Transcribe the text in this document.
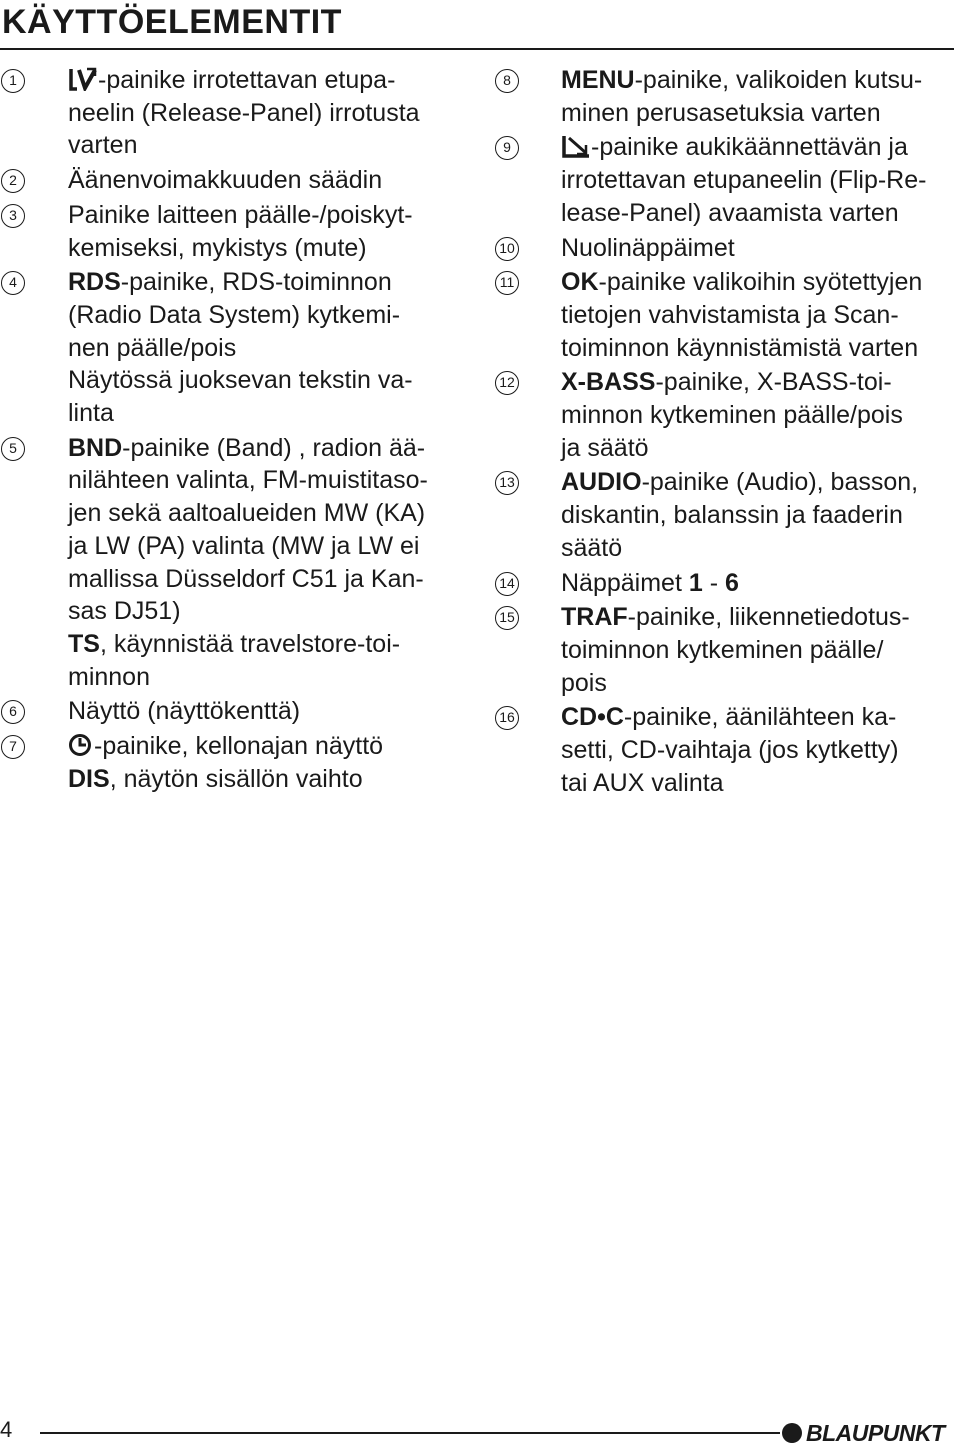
KÄYTTÖELEMENTIT
1	-painike irrotettavan etupa-
neelin (Release-Panel) irrotusta
varten
2	Äänenvoimakkuuden säädin
3	Painike laitteen päälle-/poiskyt-
kemiseksi, mykistys (mute)
4	RDS-painike, RDS-toiminnon
(Radio Data System) kytkemi-
nen päälle/pois
Näytössä juoksevan tekstin va-
linta
5	BND-painike (Band) , radion ää-
nilähteen valinta, FM-muistitaso-
jen sekä aaltoalueiden MW (KA)
ja LW (PA) valinta (MW ja LW ei
mallissa Düsseldorf C51 ja Kan-
sas DJ51)
TS, käynnistää travelstore-toi-
minnon
6	Näyttö (näyttökenttä)
7	-painike, kellonajan näyttö
DIS, näytön sisällön vaihto
8	MENU-painike, valikoiden kutsu-
minen perusasetuksia varten
9	-painike aukikäännettävän ja
irrotettavan etupaneelin (Flip-Re-
lease-Panel) avaamista varten
10 Nuolinäppäimet
11 OK-painike valikoihin syötettyjen
tietojen vahvistamista ja Scan-
toiminnon käynnistämistä varten
12 X-BASS-painike, X-BASS-toi-
minnon kytkeminen päälle/pois
ja säätö
13 AUDIO-painike (Audio), basson,
diskantin, balanssin ja faaderin
säätö
14 Näppäimet 1 - 6
15 TRAF-painike, liikennetiedotus-
toiminnon kytkeminen päälle/
pois
16 CD•C-painike, äänilähteen ka-
setti, CD-vaihtaja (jos kytketty)
tai AUX valinta
4	BLAUPUNKT
